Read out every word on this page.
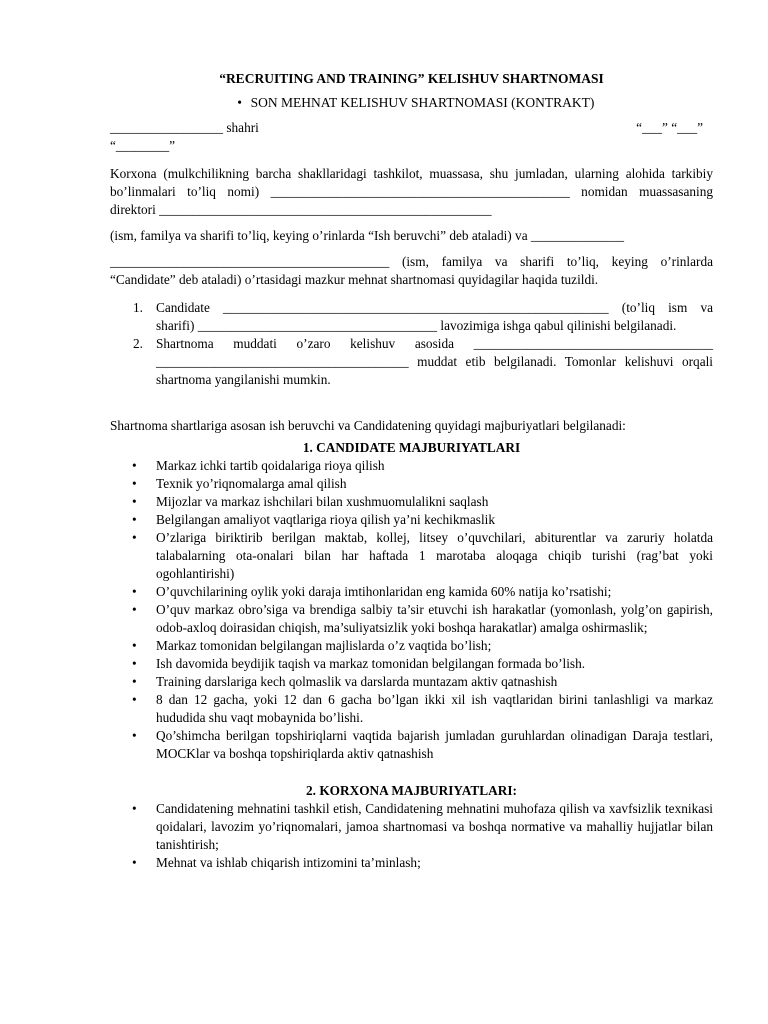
“RECRUITING AND TRAINING” KELISHUV SHARTNOMASI
• SON MEHNAT KELISHUV SHARTNOMASI (KONTRAKT)
_________________ shahri	“___” “___”
“________”

Korxona (mulkchilikning barcha shakllaridagi tashkilot, muassasa, shu jumladan, ularning alohida tarkibiy bo’linmalari to’liq nomi) _____________________________________________ nomidan muassasaning direktori __________________________________________________

(ism, familya va sharifi to’liq, keying o’rinlarda “Ish beruvchi” deb ataladi) va ______________

__________________________________________ (ism, familya va sharifi to’liq, keying o’rinlarda “Candidate” deb ataladi) o’rtasidagi mazkur mehnat shartnomasi quyidagilar haqida tuzildi.

1. Candidate __________________________________________________________ (to’liq ism va sharifi) ____________________________________ lavozimiga ishga qabul qilinishi belgilanadi.
2. Shartnoma muddati o’zaro kelishuv asosida ____________________________________ ______________________________________ muddat etib belgilanadi. Tomonlar kelishuvi orqali shartnoma yangilanishi mumkin.

Shartnoma shartlariga asosan ish beruvchi va Candidatening quyidagi majburiyatlari belgilanadi:

1. CANDIDATE MAJBURIYATLARI
• Markaz ichki tartib qoidalariga rioya qilish
• Texnik yo’riqnomalarga amal qilish
• Mijozlar va markaz ishchilari bilan xushmuomulalikni saqlash
• Belgilangan amaliyot vaqtlariga rioya qilish ya’ni kechikmaslik
• O’zlariga biriktirib berilgan maktab, kollej, litsey o’quvchilari, abiturentlar va zaruriy holatda talabalarning ota-onalari bilan har haftada 1 marotaba aloqaga chiqib turishi (rag’bat yoki ogohlantirishi)
• O’quvchilarining oylik yoki daraja imtihonlaridan eng kamida 60% natija ko’rsatishi;
• O’quv markaz obro’siga va brendiga salbiy ta’sir etuvchi ish harakatlar (yomonlash, yolg’on gapirish, odob-axloq doirasidan chiqish, ma’suliyatsizlik yoki boshqa harakatlar) amalga oshirmaslik;
• Markaz tomonidan belgilangan majlislarda o’z vaqtida bo’lish;
• Ish davomida beydijik taqish va markaz tomonidan belgilangan formada bo’lish.
• Training darslariga kech qolmaslik va darslarda muntazam aktiv qatnashish
• 8 dan 12 gacha, yoki 12 dan 6 gacha bo’lgan ikki xil ish vaqtlaridan birini tanlashligi va markaz hududida shu vaqt mobaynida bo’lishi.
• Qo’shimcha berilgan topshiriqlarni vaqtida bajarish jumladan guruhlardan olinadigan Daraja testlari, MOCKlar va boshqa topshiriqlarda aktiv qatnashish
2. KORXONA MAJBURIYATLARI:
• Candidatening mehnatini tashkil etish, Candidatening mehnatini muhofaza qilish va xavfsizlik texnikasi qoidalari, lavozim yo’riqnomalari, jamoa shartnomasi va boshqa normative va mahalliy hujjatlar bilan tanishtirish;
• Mehnat va ishlab chiqarish intizomini ta’minlash;
